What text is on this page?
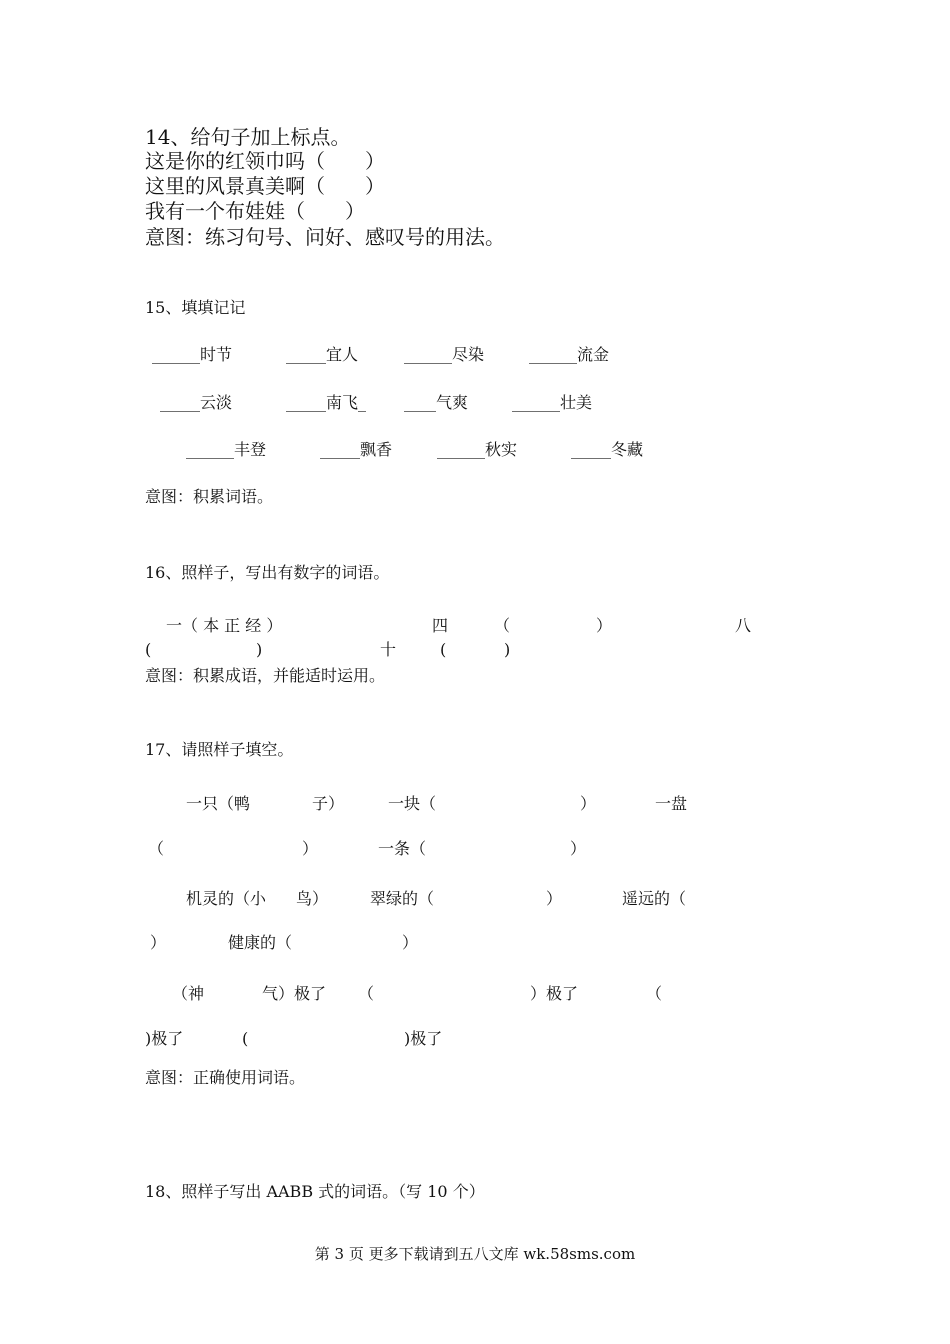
14、给句子加上标点。
这是你的红领巾吗（　　）
这里的风景真美啊（　　）
我有一个布娃娃（　　）
意图：练习句号、问好、感叹号的用法。
15、填填记记
______时节	_____宜人	______尽染	______流金
_____云淡	_____南飞_ ____气爽	______壮美
______丰登	_____飘香	______秋实	_____冬藏
意图：积累词语。
16、照样子，写出有数字的词语。
一（ 本 正 经 ）	四	（	）	八
(	)	十	(	)
意图：积累成语，并能适时运用。
17、请照样子填空。
一只（鸭	子）	一块（	）	一盘
（	）	一条（	）
机灵的（小 鸟）	翠绿的（	）	遥远的（
）	健康的（	）
（神	气）极了 （	）极了	（
)极了	(	)极了
意图：正确使用词语。
18、照样子写出 AABB 式的词语。（写 10 个）
第 3 页 更多下载请到五八文库 wk.58sms.com
